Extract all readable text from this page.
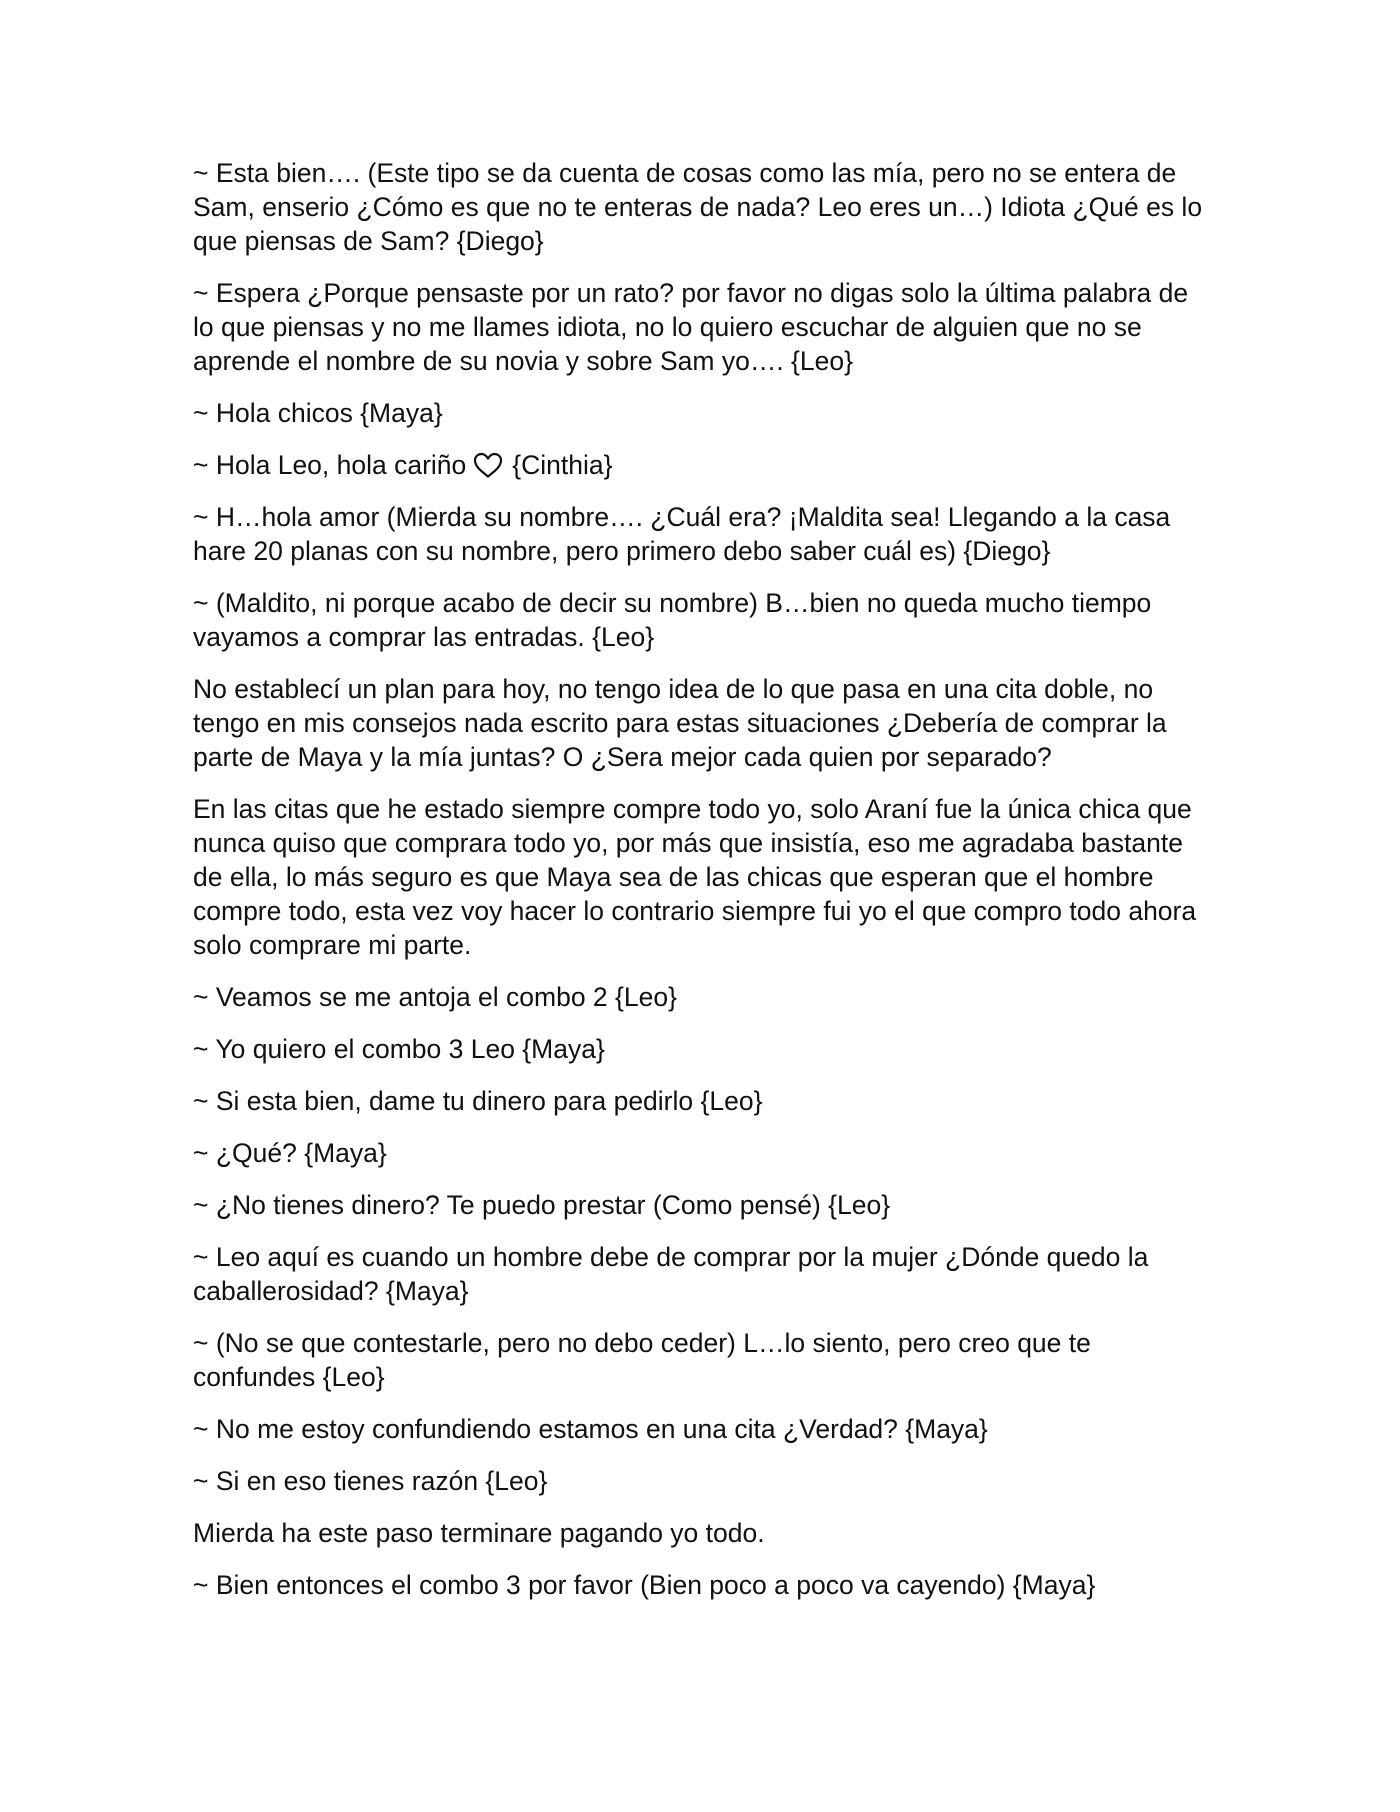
~ Esta bien…. (Este tipo se da cuenta de cosas como las mía, pero no se entera de Sam, enserio ¿Cómo es que no te enteras de nada? Leo eres un…) Idiota ¿Qué es lo que piensas de Sam? {Diego}

~ Espera ¿Porque pensaste por un rato? por favor no digas solo la última palabra de lo que piensas y no me llames idiota, no lo quiero escuchar de alguien que no se aprende el nombre de su novia y sobre Sam yo…. {Leo}

~ Hola chicos {Maya}

~ Hola Leo, hola cariño {Cinthia}

~ H…hola amor (Mierda su nombre…. ¿Cuál era? ¡Maldita sea! Llegando a la casa hare 20 planas con su nombre, pero primero debo saber cuál es) {Diego}

~ (Maldito, ni porque acabo de decir su nombre) B…bien no queda mucho tiempo vayamos a comprar las entradas. {Leo}

No establecí un plan para hoy, no tengo idea de lo que pasa en una cita doble, no tengo en mis consejos nada escrito para estas situaciones ¿Debería de comprar la parte de Maya y la mía juntas? O ¿Sera mejor cada quien por separado?

En las citas que he estado siempre compre todo yo, solo Araní fue la única chica que nunca quiso que comprara todo yo, por más que insistía, eso me agradaba bastante de ella, lo más seguro es que Maya sea de las chicas que esperan que el hombre compre todo, esta vez voy hacer lo contrario siempre fui yo el que compro todo ahora solo comprare mi parte.

~ Veamos se me antoja el combo 2 {Leo}

~ Yo quiero el combo 3 Leo {Maya}

~ Si esta bien, dame tu dinero para pedirlo {Leo}

~ ¿Qué? {Maya}

~ ¿No tienes dinero? Te puedo prestar (Como pensé) {Leo}

~ Leo aquí es cuando un hombre debe de comprar por la mujer ¿Dónde quedo la caballerosidad? {Maya}

~ (No se que contestarle, pero no debo ceder) L…lo siento, pero creo que te confundes {Leo}

~ No me estoy confundiendo estamos en una cita ¿Verdad? {Maya}

~ Si en eso tienes razón {Leo}

Mierda ha este paso terminare pagando yo todo.

~ Bien entonces el combo 3 por favor (Bien poco a poco va cayendo) {Maya}
